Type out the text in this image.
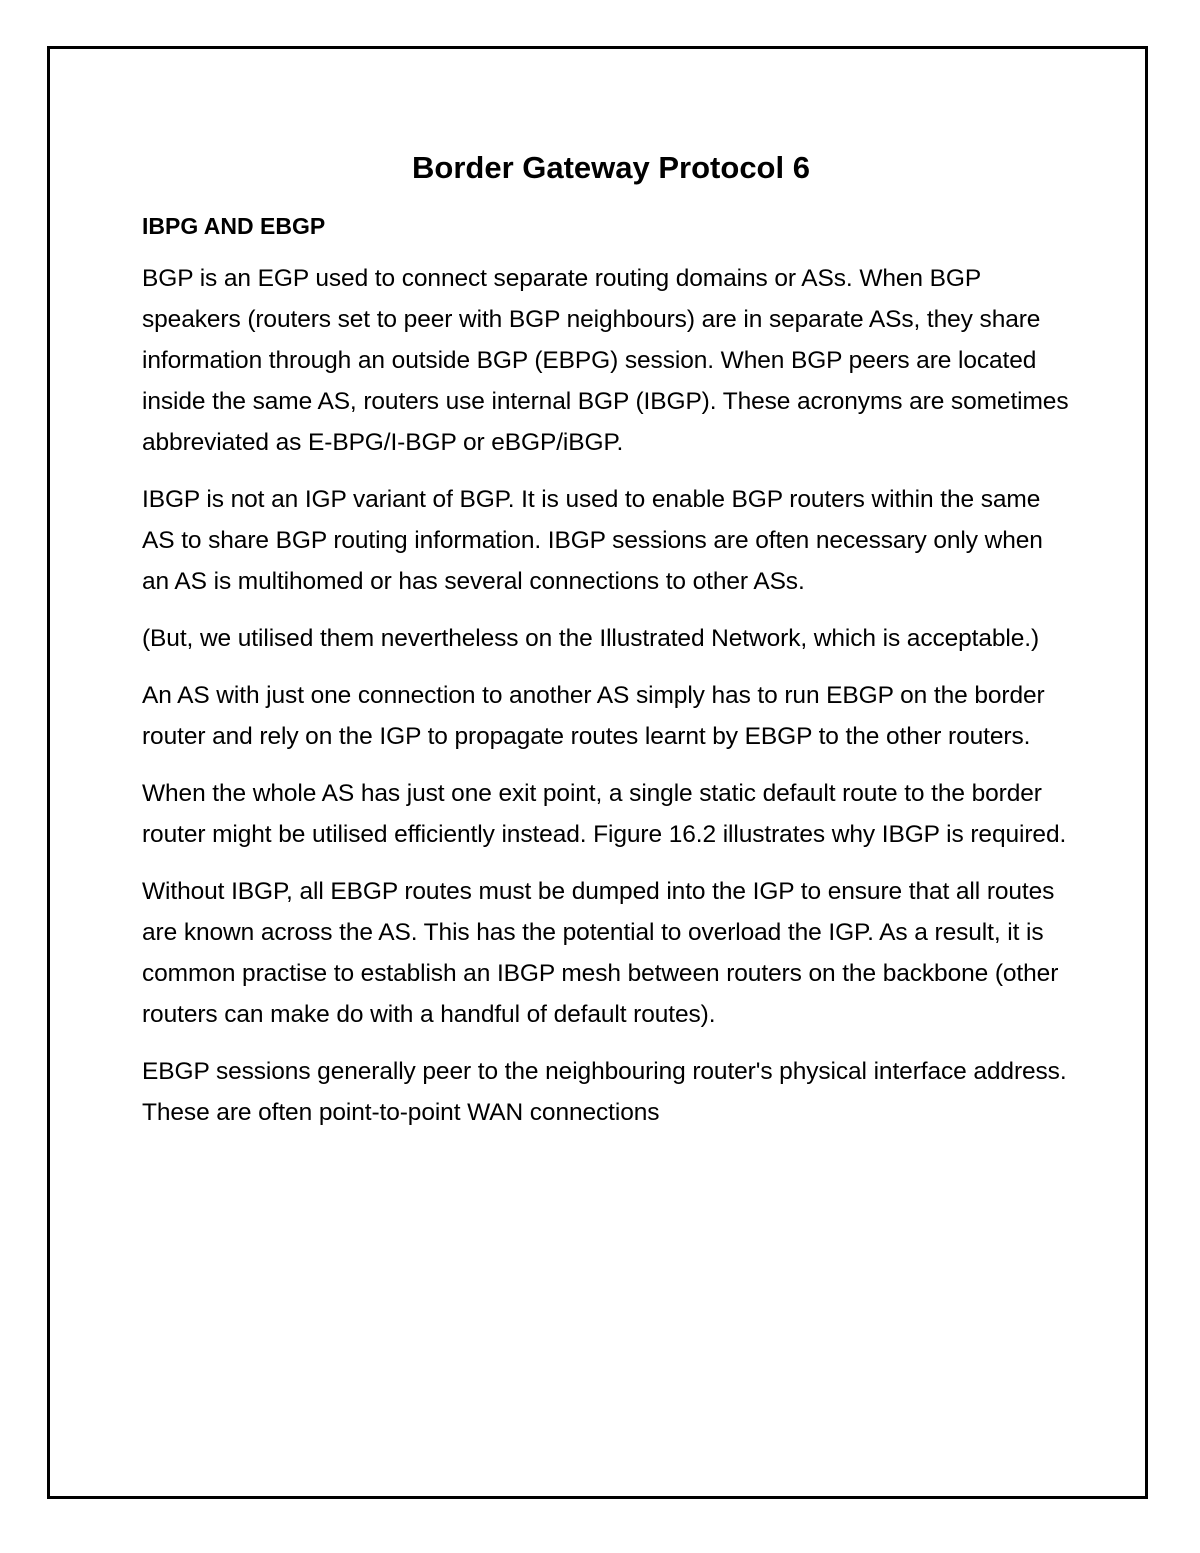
Border Gateway Protocol 6
IBPG AND EBGP

BGP is an EGP used to connect separate routing domains or ASs. When BGP speakers (routers set to peer with BGP neighbours) are in separate ASs, they share information through an outside BGP (EBPG) session. When BGP peers are located inside the same AS, routers use internal BGP (IBGP). These acronyms are sometimes abbreviated as E-BPG/I-BGP or eBGP/iBGP.

IBGP is not an IGP variant of BGP. It is used to enable BGP routers within the same AS to share BGP routing information. IBGP sessions are often necessary only when an AS is multihomed or has several connections to other ASs.

(But, we utilised them nevertheless on the Illustrated Network, which is acceptable.)

An AS with just one connection to another AS simply has to run EBGP on the border router and rely on the IGP to propagate routes learnt by EBGP to the other routers.

When the whole AS has just one exit point, a single static default route to the border router might be utilised efficiently instead. Figure 16.2 illustrates why IBGP is required.

Without IBGP, all EBGP routes must be dumped into the IGP to ensure that all routes are known across the AS. This has the potential to overload the IGP. As a result, it is common practise to establish an IBGP mesh between routers on the backbone (other routers can make do with a handful of default routes).

EBGP sessions generally peer to the neighbouring router's physical interface address. These are often point-to-point WAN connections
